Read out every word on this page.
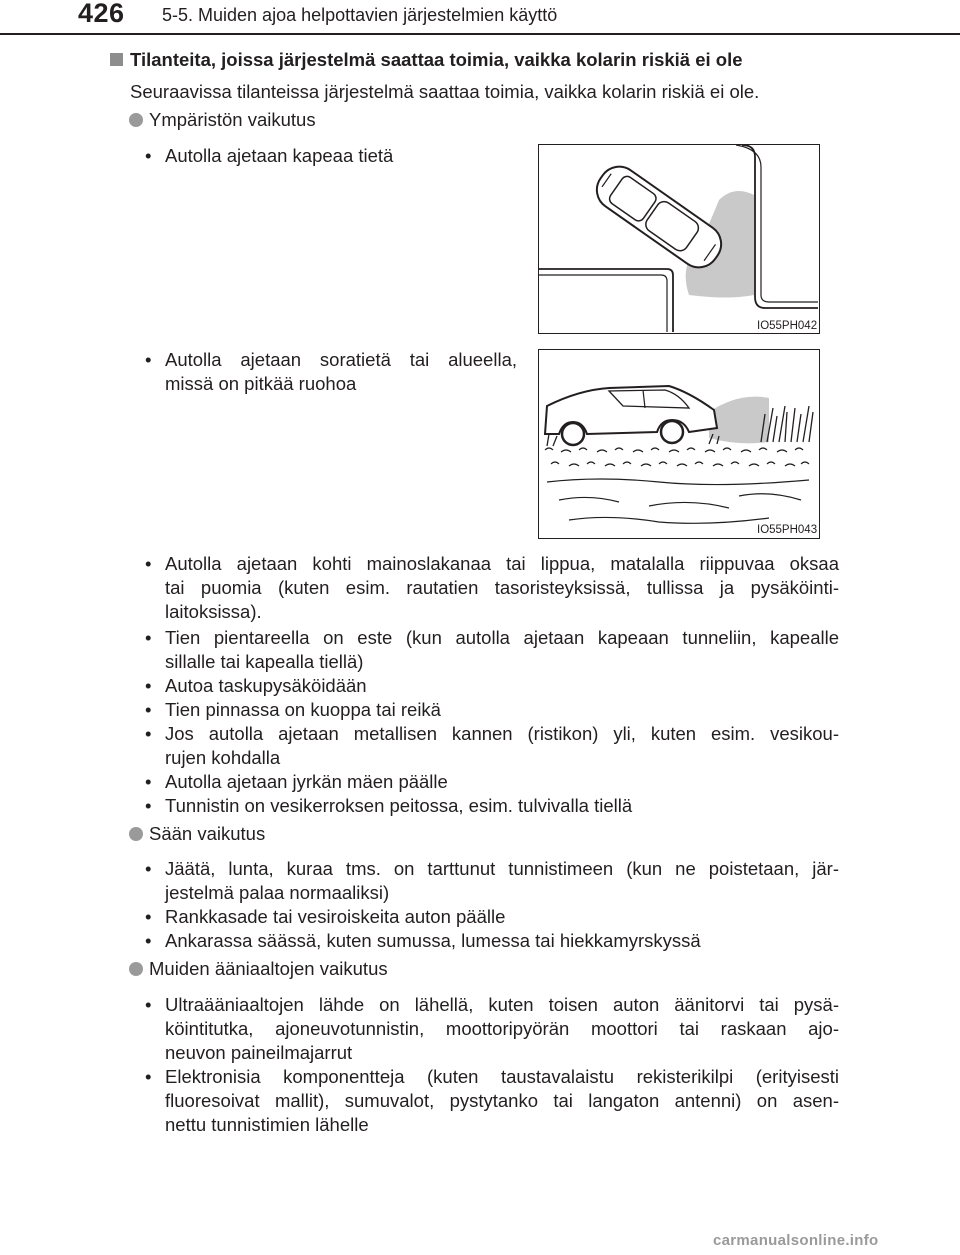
426 5-5. Muiden ajoa helpottavien järjestelmien käyttö
Tilanteita, joissa järjestelmä saattaa toimia, vaikka kolarin riskiä ei ole
Seuraavissa tilanteissa järjestelmä saattaa toimia, vaikka kolarin riskiä ei ole.
Ympäristön vaikutus
• Autolla ajetaan kapeaa tietä
IO55PH042
• Autolla ajetaan soratietä tai alueella,
missä on pitkää ruohoa
IO55PH043
• Autolla ajetaan kohti mainoslakanaa tai lippua, matalalla riippuvaa oksaa
tai puomia (kuten esim. rautatien tasoristeyksissä, tullissa ja pysäköinti-
laitoksissa).
• Tien pientareella on este (kun autolla ajetaan kapeaan tunneliin, kapealle
sillalle tai kapealla tiellä)
• Autoa taskupysäköidään
• Tien pinnassa on kuoppa tai reikä
• Jos autolla ajetaan metallisen kannen (ristikon) yli, kuten esim. vesikou-
rujen kohdalla
• Autolla ajetaan jyrkän mäen päälle
• Tunnistin on vesikerroksen peitossa, esim. tulvivalla tiellä
Sään vaikutus
• Jäätä, lunta, kuraa tms. on tarttunut tunnistimeen (kun ne poistetaan, jär-
jestelmä palaa normaaliksi)
• Rankkasade tai vesiroiskeita auton päälle
• Ankarassa säässä, kuten sumussa, lumessa tai hiekkamyrskyssä
Muiden ääniaaltojen vaikutus
• Ultraääniaaltojen lähde on lähellä, kuten toisen auton äänitorvi tai pysä-
köintitutka, ajoneuvotunnistin, moottoripyörän moottori tai raskaan ajo-
neuvon paineilmajarrut
• Elektronisia komponentteja (kuten taustavalaistu rekisterikilpi (erityisesti
fluoresoivat mallit), sumuvalot, pystytanko tai langaton antenni) on asen-
nettu tunnistimien lähelle
carmanualsonline.info
